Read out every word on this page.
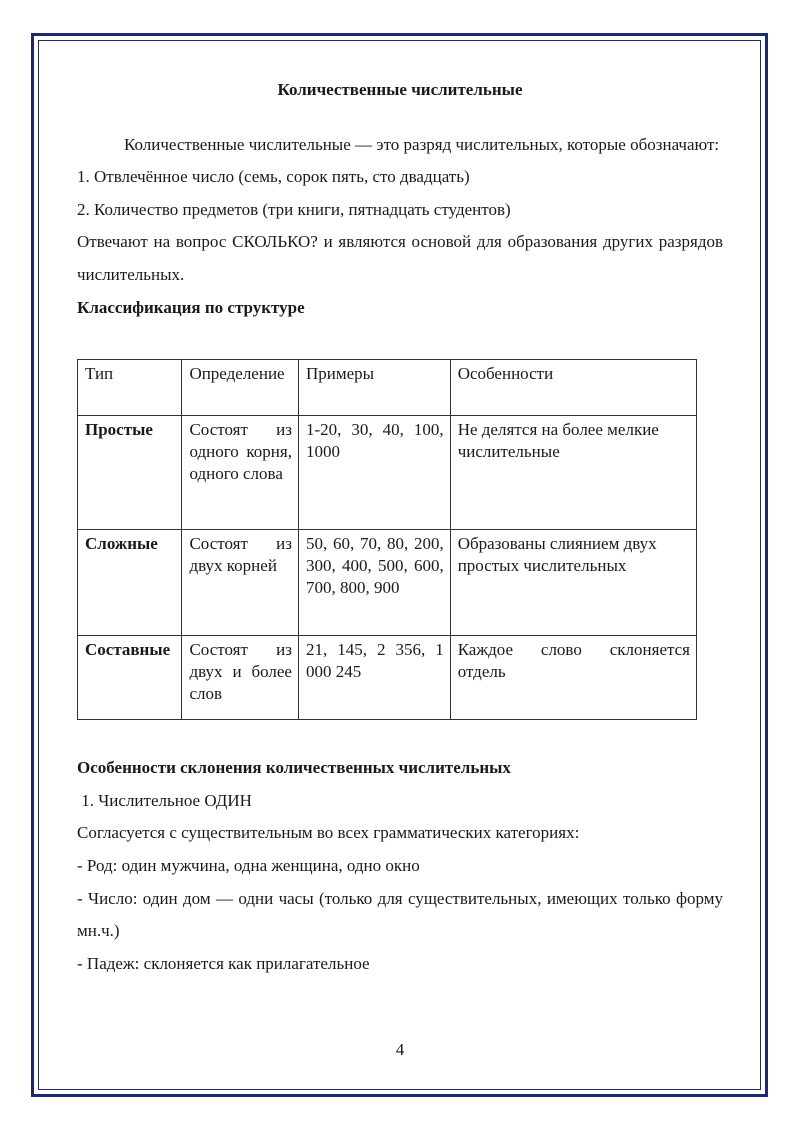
Количественные числительные

Количественные числительные — это разряд числительных, которые обозначают:

1. Отвлечённое число (семь, сорок пять, сто двадцать)

2. Количество предметов (три книги, пятнадцать студентов)

Отвечают на вопрос СКОЛЬКО? и являются основой для образования других разрядов числительных.

Классификация по структуре

Тип	Определение	Примеры	Особенности
Простые	Состоят из одного корня, одного слова	1-20, 30, 40, 100, 1000	Не делятся на более мелкие числительные
Сложные	Состоят из двух корней	50, 60, 70, 80, 200, 300, 400, 500, 600, 700, 800, 900	Образованы слиянием двух простых числительных
Составные	Состоят из двух и более слов	21, 145, 2 356, 1 000 245	Каждое слово склоняется отдель

Особенности склонения количественных числительных

1. Числительное ОДИН

Согласуется с существительным во всех грамматических категориях:

- Род: один мужчина, одна женщина, одно окно

- Число: один дом — одни часы (только для существительных, имеющих только форму мн.ч.)

- Падеж: склоняется как прилагательное

4
